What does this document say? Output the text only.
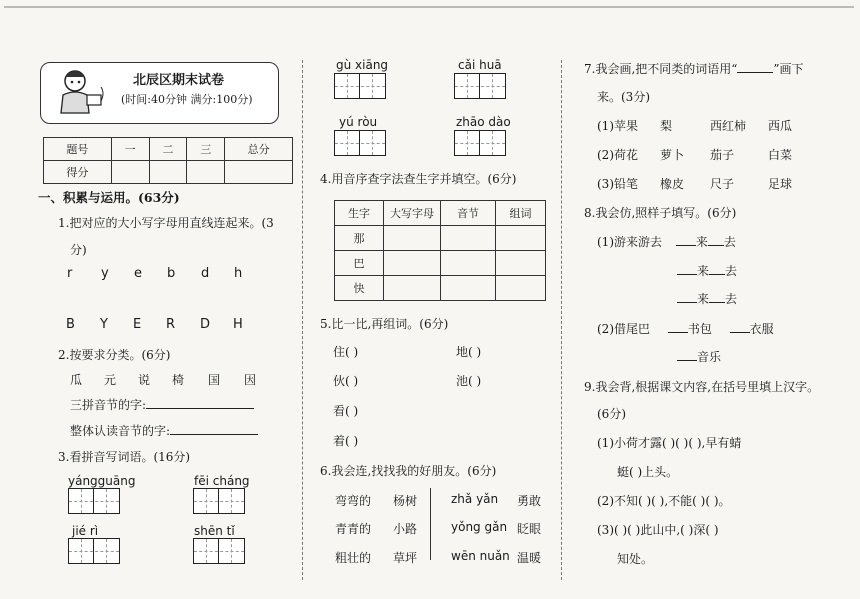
北辰区期末试卷
(时间:40分钟 满分:100分)
题号	一	二	三	总分
得分				
一、积累与运用。(63分)
1.把对应的大小写字母用直线连起来。(3
分)
r y e b d h
B Y E R D H
2.按要求分类。(6分)
瓜 元 说 椅 国 因
三拼音节的字:
整体认读音节的字:
3.看拼音写词语。(16分)
yángguāng	fēi cháng
jié rì	shēn tǐ
gù xiāng	cǎi huā
yú ròu	zhāo dào
4.用音序查字法查生字并填空。(6分)
生字	大写字母	音节	组词
那			
巴			
快			
5.比一比,再组词。(6分)
住( )	地( )
伙( )	池( )
看( )
着( )
6.我会连,找找我的好朋友。(6分)
弯弯的 杨树	zhǎ yǎn 勇敢
青青的 小路	yǒng gǎn 眨眼
粗壮的 草坪	wēn nuǎn 温暖
7.我会画,把不同类的词语用“	”画下
来。(3分)
(1)苹果 梨	西红柿 西瓜
(2)荷花 萝卜 茄子	白菜
(3)铅笔 橡皮 尺子	足球
8.我会仿,照样子填写。(6分)
(1)游来游去	来 去
来 去
来 去
(2)借尾巴	书包	衣服
音乐
9.我会背,根据课文内容,在括号里填上汉字。
(6分)
(1)小荷才露( )( )( ),早有蜻
蜓( )上头。
(2)不知( )( ),不能( )( )。
(3)( )( )此山中,( )深( )
知处。
